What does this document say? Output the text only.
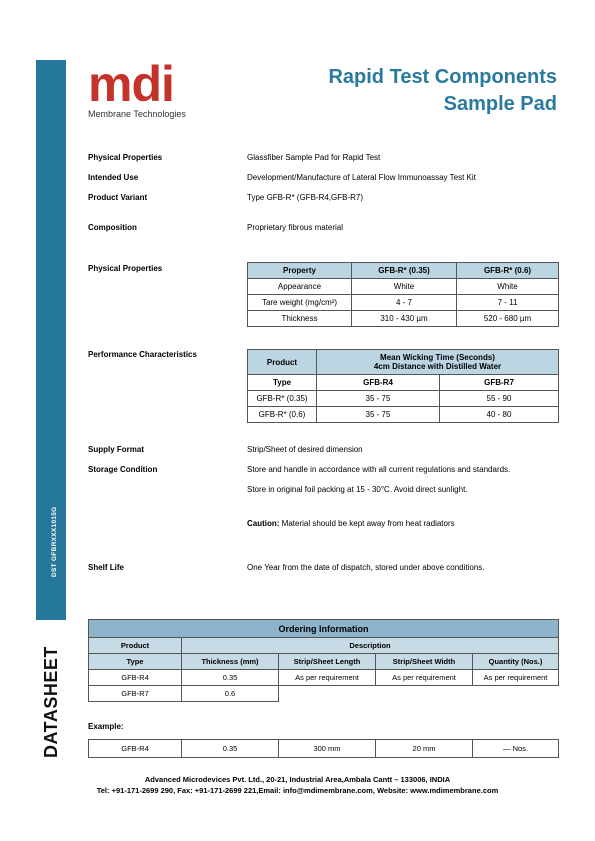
DST GFBRXXX1015G
DATASHEET
mdi
Membrane Technologies
Rapid Test Components
Sample Pad
Physical Properties	Glassfiber Sample Pad for Rapid Test
Intended Use	Development/Manufacture of Lateral Flow Immunoassay Test Kit
Product Variant	Type GFB-R* (GFB-R4,GFB-R7)
Composition	Proprietary fibrous material
Physical Properties	Property	GFB-R* (0.35)	GFB-R* (0.6)
Appearance	White	White
Tare weight (mg/cm²)	4 - 7	7 - 11
Thickness	310 - 430 µm	520 - 680 µm
Performance Characteristics
Product	Mean Wicking Time (Seconds)
4cm Distance with Distilled Water	

Type	GFB-R4	GFB-R7
GFB-R* (0.35)	35 - 75	55 - 90
GFB-R* (0.6)	35 - 75	40 - 80
Supply Format	Strip/Sheet of desired dimension
Storage Condition	Store and handle in accordance with all current regulations and standards.
Store in original foil packing at 15 - 30°C. Avoid direct sunlight.
Caution: Material should be kept away from heat radiators
Shelf Life	One Year from the date of dispatch, stored under above conditions.
Ordering Information				
Product	Description			
Type	Thickness (mm)	Strip/Sheet Length	Strip/Sheet Width	Quantity (Nos.)
GFB-R4	0.35	As per requirement	As per requirement	As per requirement
GFB-R7	0.6			
Example:
GFB-R4	0.35	300 mm	20 mm	— Nos.
Advanced Microdevices Pvt. Ltd., 20-21, Industrial Area,Ambala Cantt – 133006, INDIA
Tel: +91-171-2699 290, Fax: +91-171-2699 221,Email: info@mdimembrane.com, Website: www.mdimembrane.com
